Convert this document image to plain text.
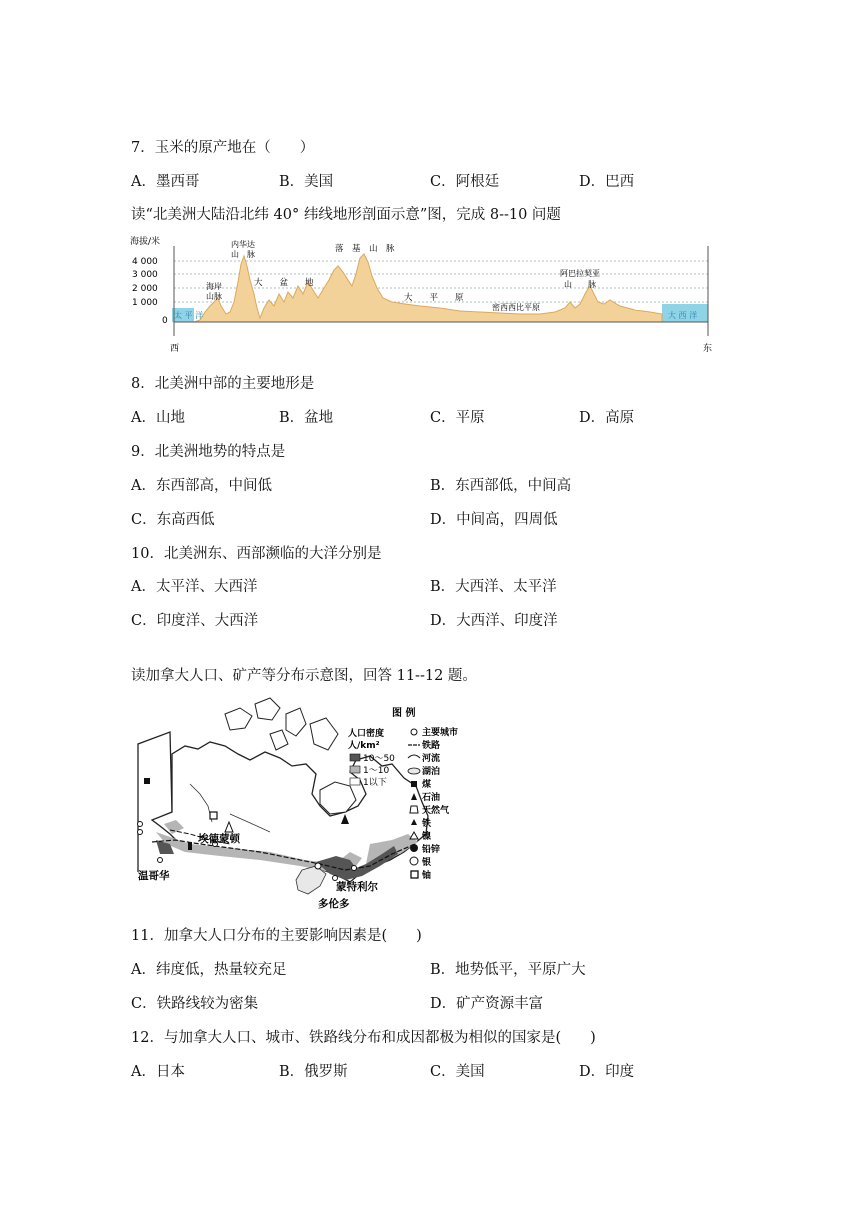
7．玉米的原产地在（　　）
A．墨西哥	B．美国	C．阿根廷	D．巴西
读“北美洲大陆沿北纬 40° 纬线地形剖面示意”图，完成 8--10 问题
海拔/米
4 000
3 000
2 000
1 000
0
内华达
山　脉
落　基　山　脉
海岸
山脉
大　　盆　　地
大　　平　　原
密西西比平原
阿巴拉契亚
山　　脉
太 平 洋	大 西 洋
西	东
8．北美洲中部的主要地形是
A．山地	B．盆地	C．平原	D．高原
9．北美洲地势的特点是
A．东西部高，中间低	B．东西部低，中间高
C．东高西低	D．中间高，四周低
10．北美洲东、西部濒临的大洋分别是
A．太平洋、大西洋	B．大西洋、太平洋
C．印度洋、大西洋	D．大西洋、印度洋
读加拿大人口、矿产等分布示意图，回答 11--12 题。
埃德蒙顿
温哥华
蒙特利尔
多伦多
图 例
人口密度
人/km²
10～50
1～10
1以下
主要城市
铁路
河流
湖泊
煤
石油
天然气
铁
镍
铅锌
银
铀
11．加拿大人口分布的主要影响因素是(　　)
A．纬度低，热量较充足	B．地势低平，平原广大
C．铁路线较为密集	D．矿产资源丰富
12．与加拿大人口、城市、铁路线分布和成因都极为相似的国家是(　　)
A．日本	B．俄罗斯	C．美国	D．印度
